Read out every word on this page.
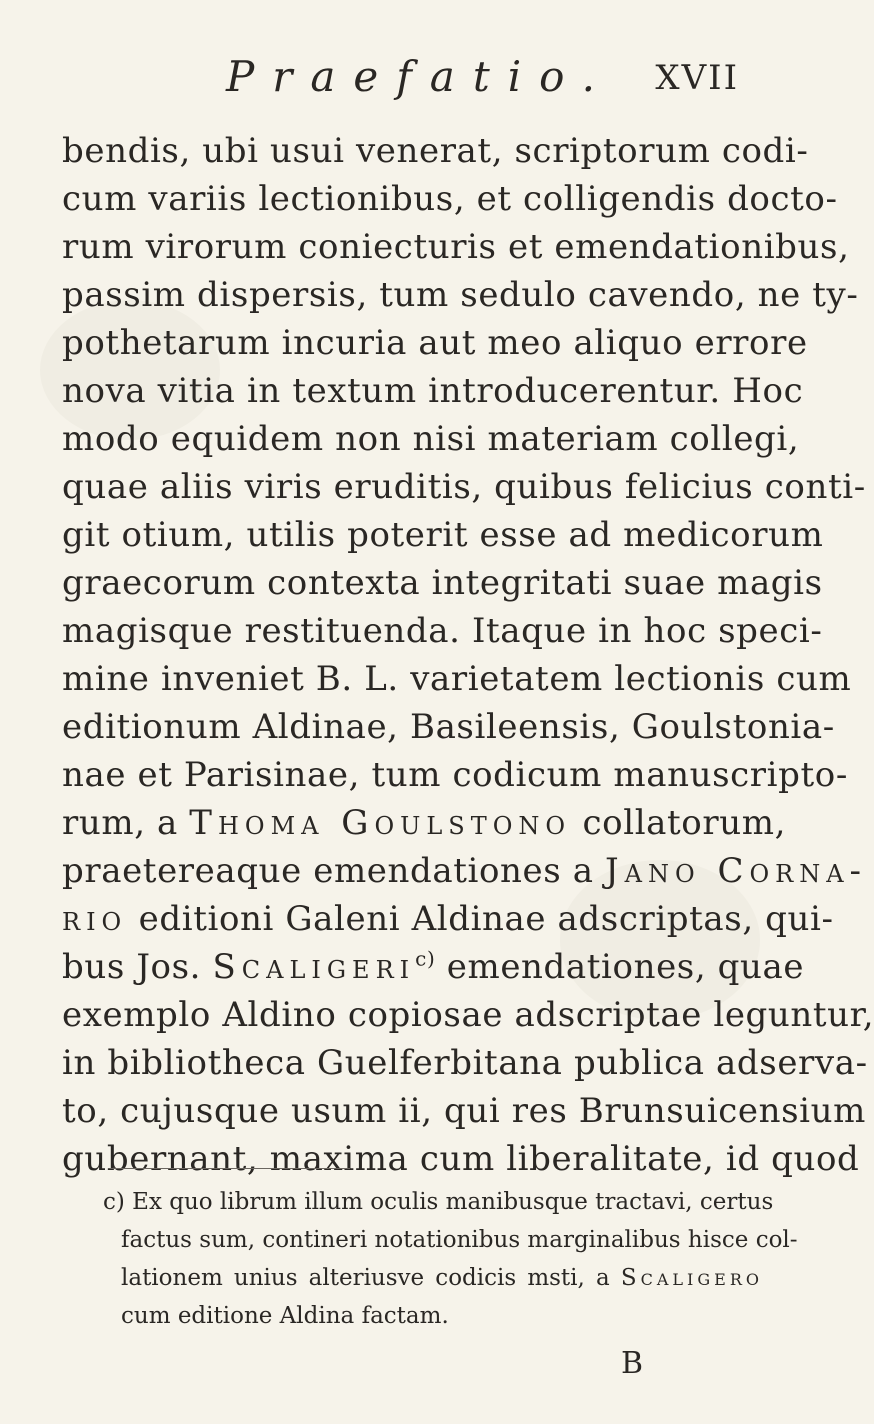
Praefatio. XVII
bendis, ubi usui venerat, scriptorum codi-
cum variis lectionibus, et colligendis docto-
rum virorum coniecturis et emendationibus,
passim dispersis, tum sedulo cavendo, ne ty-
pothetarum incuria aut meo aliquo errore
nova vitia in textum introducerentur. Hoc
modo equidem non nisi materiam collegi,
quae aliis viris eruditis, quibus felicius conti-
git otium, utilis poterit esse ad medicorum
graecorum contexta integritati suae magis
magisque restituenda. Itaque in hoc speci-
mine inveniet B. L. varietatem lectionis cum
editionum Aldinae, Basileensis, Goulstonia-
nae et Parisinae, tum codicum manuscripto-
rum, a Thoma Goulstono collatorum,
praetereaque emendationes a Jano Corna-
rio editioni Galeni Aldinae adscriptas, qui-
bus Jos. Scaligeri$^{c)}$ emendationes, quae
exemplo Aldino copiosae adscriptae leguntur,
in bibliotheca Guelferbitana publica adserva-
to, cujusque usum ii, qui res Brunsuicensium
gubernant, maxima cum liberalitate, id quod
c) Ex quo librum illum oculis manibusque tractavi, certus
factus sum, contineri notationibus marginalibus hisce col-
lationem unius alteriusve codicis msti, a Scaligero
cum editione Aldina factam.
B
